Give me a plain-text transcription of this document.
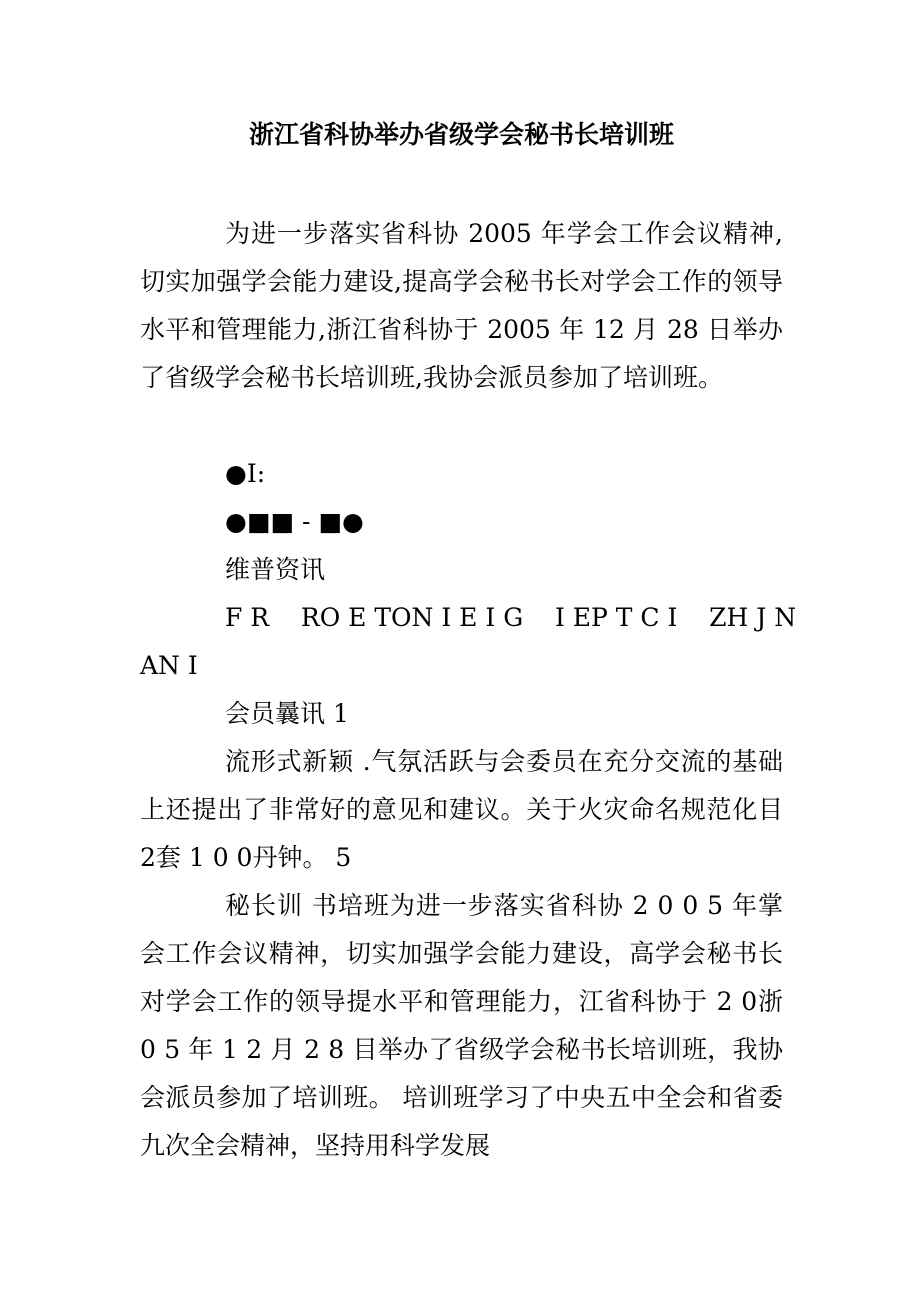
浙江省科协举办省级学会秘书长培训班

为进一步落实省科协 2005 年学会工作会议精神,切实加强学会能力建设,提高学会秘书长对学会工作的领导水平和管理能力,浙江省科协于 2005 年 12 月 28 日举办了省级学会秘书长培训班,我协会派员参加了培训班。

●I:
●■■ - ■●
维普资讯
F R    RO E TON I E I G    I EP T C I    ZH J N
AN I
会员曩讯 1

流形式新颖 .气氛活跃与会委员在充分交流的基础上还提出了非常好的意见和建议。关于火灾命名规范化目 2套 1 0 0丹钟。 5

秘长训 书培班为进一步落实省科协 2 0 0 5 年掌会工作会议精神，切实加强学会能力建设，高学会秘书长对学会工作的领导提水平和管理能力，江省科协于 2 0浙 0 5 年 1 2 月 2 8 目举办了省级学会秘书长培训班，我协会派员参加了培训班。 培训班学习了中央五中全会和省委九次全会精神，坚持用科学发展
